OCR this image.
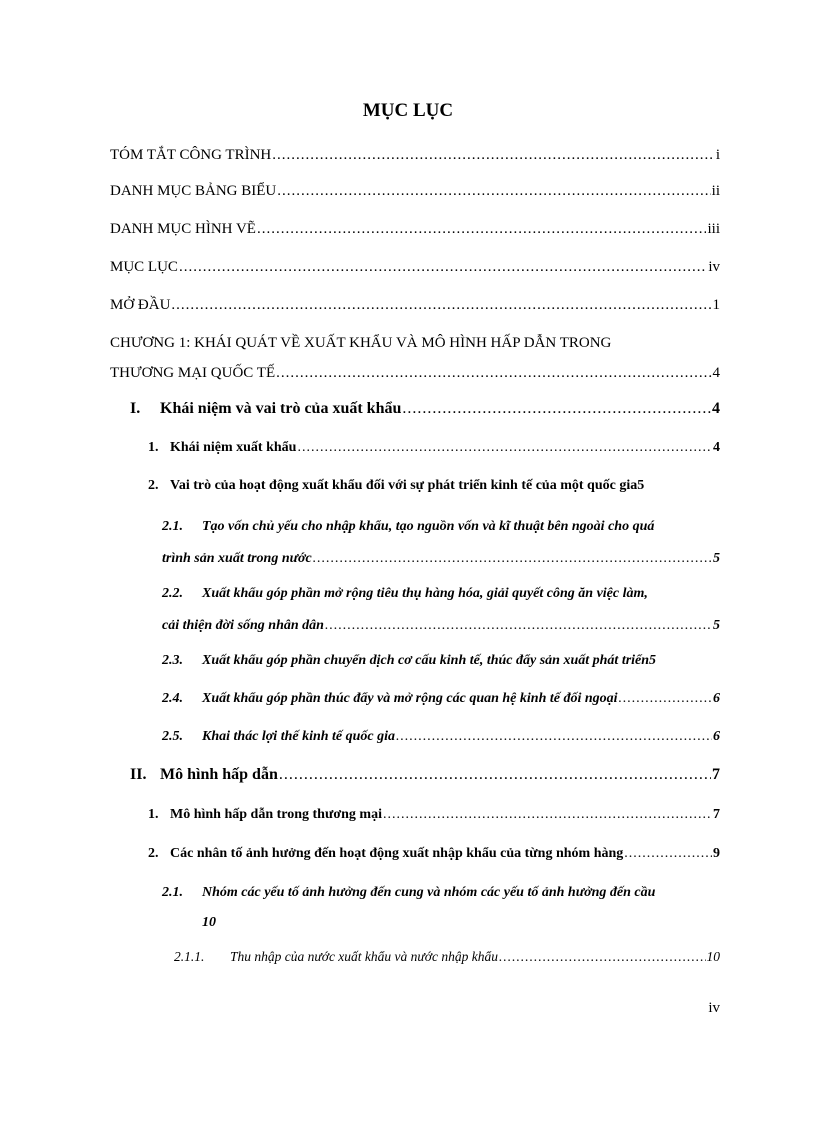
MỤC LỤC
TÓM TẮT CÔNG TRÌNH .....	i
DANH MỤC BẢNG BIỂU .....	ii
DANH MỤC HÌNH VẼ .....	iii
MỤC LỤC .....	iv
MỞ ĐẦU .....	1
CHƯƠNG 1: KHÁI QUÁT VỀ XUẤT KHẨU VÀ MÔ HÌNH HẤP DẪN TRONG
THƯƠNG MẠI QUỐC TẾ .....	4
I. Khái niệm và vai trò của xuất khẩu .....	4
1. Khái niệm xuất khẩu .....	4
2. Vai trò của hoạt động xuất khẩu đối với sự phát triển kinh tế của một quốc gia 5
2.1. Tạo vốn chủ yếu cho nhập khẩu, tạo nguồn vốn và kĩ thuật bên ngoài cho quá
trình sản xuất trong nước .....	5
2.2. Xuất khẩu góp phần mở rộng tiêu thụ hàng hóa, giải quyết công ăn việc làm,
cải thiện đời sống nhân dân .....	5
2.3. Xuất khẩu góp phần chuyển dịch cơ cấu kinh tế, thúc đẩy sản xuất phát triển 5
2.4. Xuất khẩu góp phần thúc đẩy và mở rộng các quan hệ kinh tế đối ngoại .....	6
2.5. Khai thác lợi thế kinh tế quốc gia .....	6
II. Mô hình hấp dẫn .....	7
1. Mô hình hấp dẫn trong thương mại .....	7
2. Các nhân tố ảnh hưởng đến hoạt động xuất nhập khẩu của từng nhóm hàng .....	9
2.1. Nhóm các yếu tố ảnh hưởng đến cung và nhóm các yếu tố ảnh hưởng đến cầu
10
2.1.1. Thu nhập của nước xuất khẩu và nước nhập khẩu .....	10
iv
